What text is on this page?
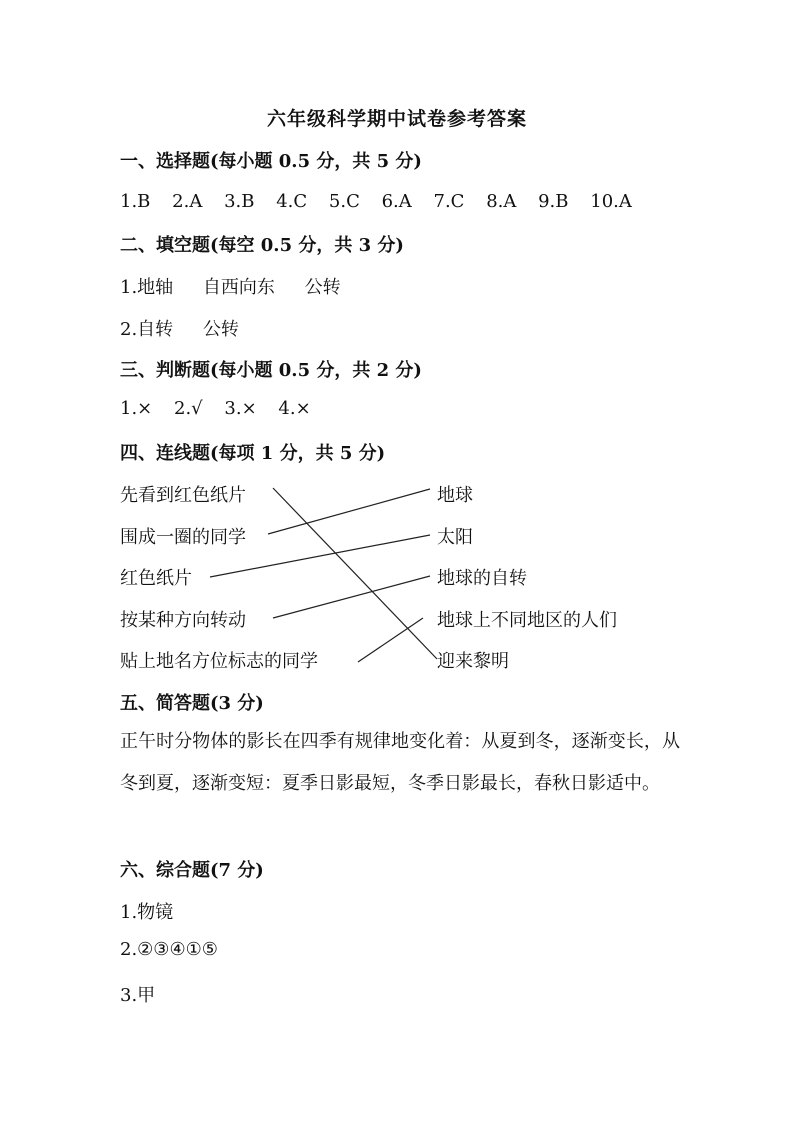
六年级科学期中试卷参考答案
一、选择题(每小题 0.5 分，共 5 分)
1.B 2.A 3.B 4.C 5.C 6.A 7.C 8.A 9.B 10.A
二、填空题(每空 0.5 分，共 3 分)
1.地轴 自西向东 公转
2.自转 公转
三、判断题(每小题 0.5 分，共 2 分)
1.× 2.√ 3.× 4.×
四、连线题(每项 1 分，共 5 分)
先看到红色纸片
围成一圈的同学
红色纸片
按某种方向转动
贴上地名方位标志的同学
地球
太阳
地球的自转
地球上不同地区的人们
迎来黎明
五、简答题(3 分)
正午时分物体的影长在四季有规律地变化着：从夏到冬，逐渐变长，从冬到夏，逐渐变短：夏季日影最短，冬季日影最长，春秋日影适中。
六、综合题(7 分)
1.物镜
2.②③④①⑤
3.甲
